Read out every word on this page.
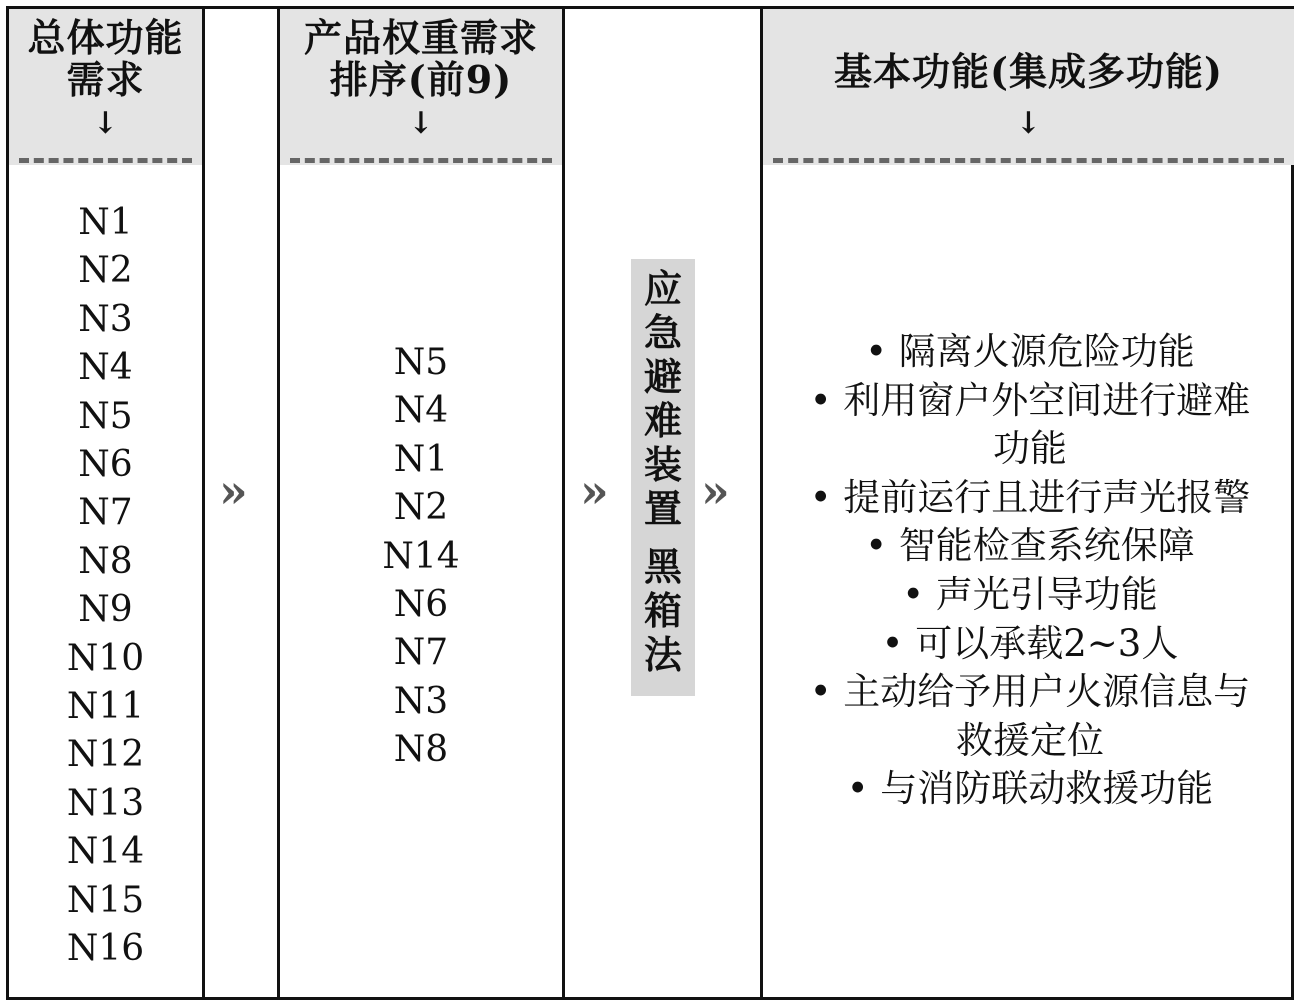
总体功能
需求
↓
N1
N2
N3
N4
N5
N6
N7
N8
N9
N10
N11
N12
N13
N14
N15
N16
»
产品权重需求
排序(前9)
↓
N5
N4
N1
N2
N14
N6
N7
N3
N8
»
应
急
避
难
装
置
黑
箱
法
»
基本功能(集成多功能)
↓
• 隔离火源危险功能
• 利用窗户外空间进行避难
功能
• 提前运行且进行声光报警
• 智能检查系统保障
• 声光引导功能
• 可以承载2~3人
• 主动给予用户火源信息与
救援定位
• 与消防联动救援功能
